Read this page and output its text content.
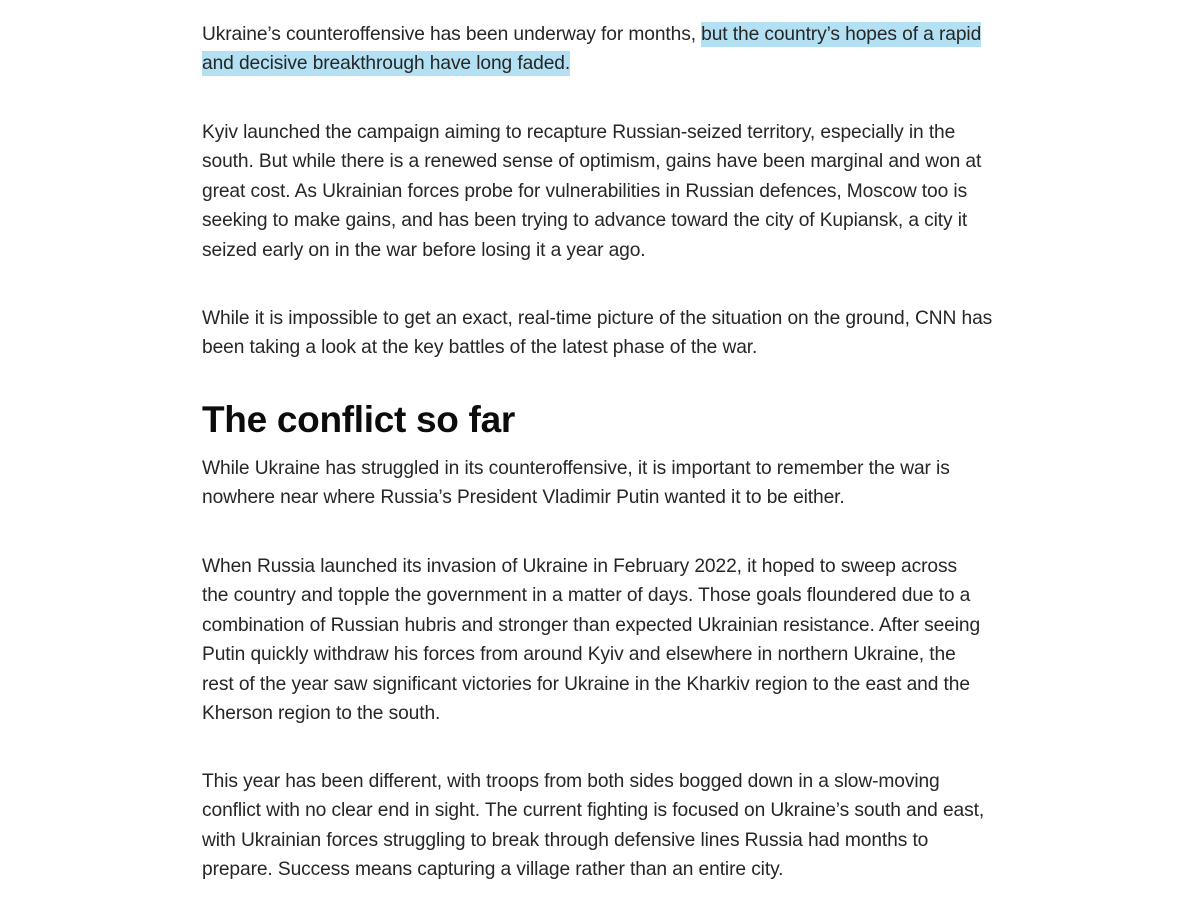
Ukraine’s counteroffensive has been underway for months, but the country’s hopes of a rapid and decisive breakthrough have long faded.

Kyiv launched the campaign aiming to recapture Russian-seized territory, especially in the south. But while there is a renewed sense of optimism, gains have been marginal and won at great cost. As Ukrainian forces probe for vulnerabilities in Russian defences, Moscow too is seeking to make gains, and has been trying to advance toward the city of Kupiansk, a city it seized early on in the war before losing it a year ago.

While it is impossible to get an exact, real-time picture of the situation on the ground, CNN has been taking a look at the key battles of the latest phase of the war.

The conflict so far

While Ukraine has struggled in its counteroffensive, it is important to remember the war is nowhere near where Russia’s President Vladimir Putin wanted it to be either.

When Russia launched its invasion of Ukraine in February 2022, it hoped to sweep across the country and topple the government in a matter of days. Those goals floundered due to a combination of Russian hubris and stronger than expected Ukrainian resistance. After seeing Putin quickly withdraw his forces from around Kyiv and elsewhere in northern Ukraine, the rest of the year saw significant victories for Ukraine in the Kharkiv region to the east and the Kherson region to the south.

This year has been different, with troops from both sides bogged down in a slow-moving conflict with no clear end in sight. The current fighting is focused on Ukraine’s south and east, with Ukrainian forces struggling to break through defensive lines Russia had months to prepare. Success means capturing a village rather than an entire city.
